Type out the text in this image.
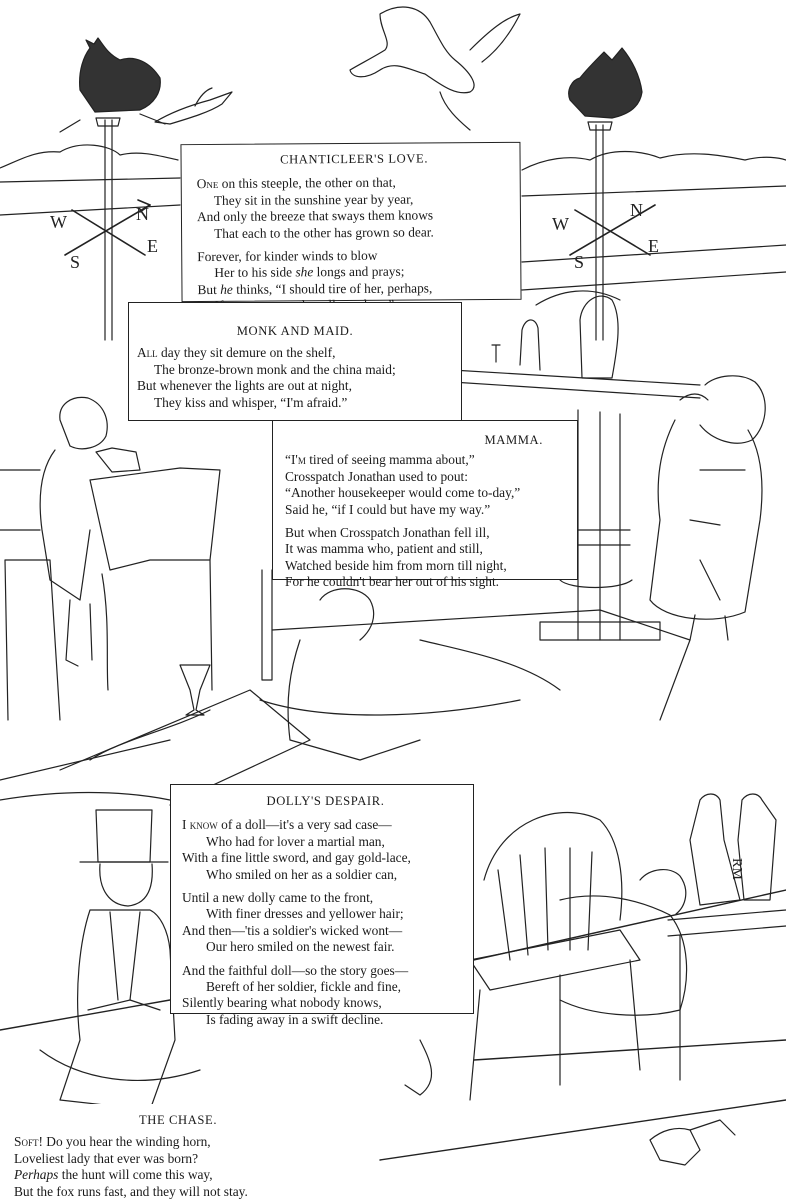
W	N
E
S
W
N
E
S
RM
CHANTICLEER'S LOVE.
One on this steeple, the other on that,
They sit in the sunshine year by year,
And only the breeze that sways them knows
That each to the other has grown so dear.
Forever, for kinder winds to blow
Her to his side she longs and prays;
But he thinks, “I should tire of her, perhaps,
MONK AND MAID.
All day they sit demure on the shelf,
The bronze-brown monk and the china maid;
But whenever the lights are out at night,
They kiss and whisper, “I'm afraid.”
MAMMA.
“I'm tired of seeing mamma about,”
Crosspatch Jonathan used to pout:
“Another housekeeper would come to-day,”
Said he, “if I could but have my way.”
But when Crosspatch Jonathan fell ill,
It was mamma who, patient and still,
Watched beside him from morn till night,
For he couldn't bear her out of his sight.
DOLLY'S DESPAIR.
I know of a doll—it's a very sad case—
Who had for lover a martial man,
With a fine little sword, and gay gold-lace,
Who smiled on her as a soldier can,
Until a new dolly came to the front,
With finer dresses and yellower hair;
And then—'tis a soldier's wicked wont—
Our hero smiled on the newest fair.
And the faithful doll—so the story goes—
Bereft of her soldier, fickle and fine,
Silently bearing what nobody knows,
Is fading away in a swift decline.
THE CHASE.
Soft! Do you hear the winding horn,
Loveliest lady that ever was born?
Perhaps the hunt will come this way,
But the fox runs fast, and they will not stay.
